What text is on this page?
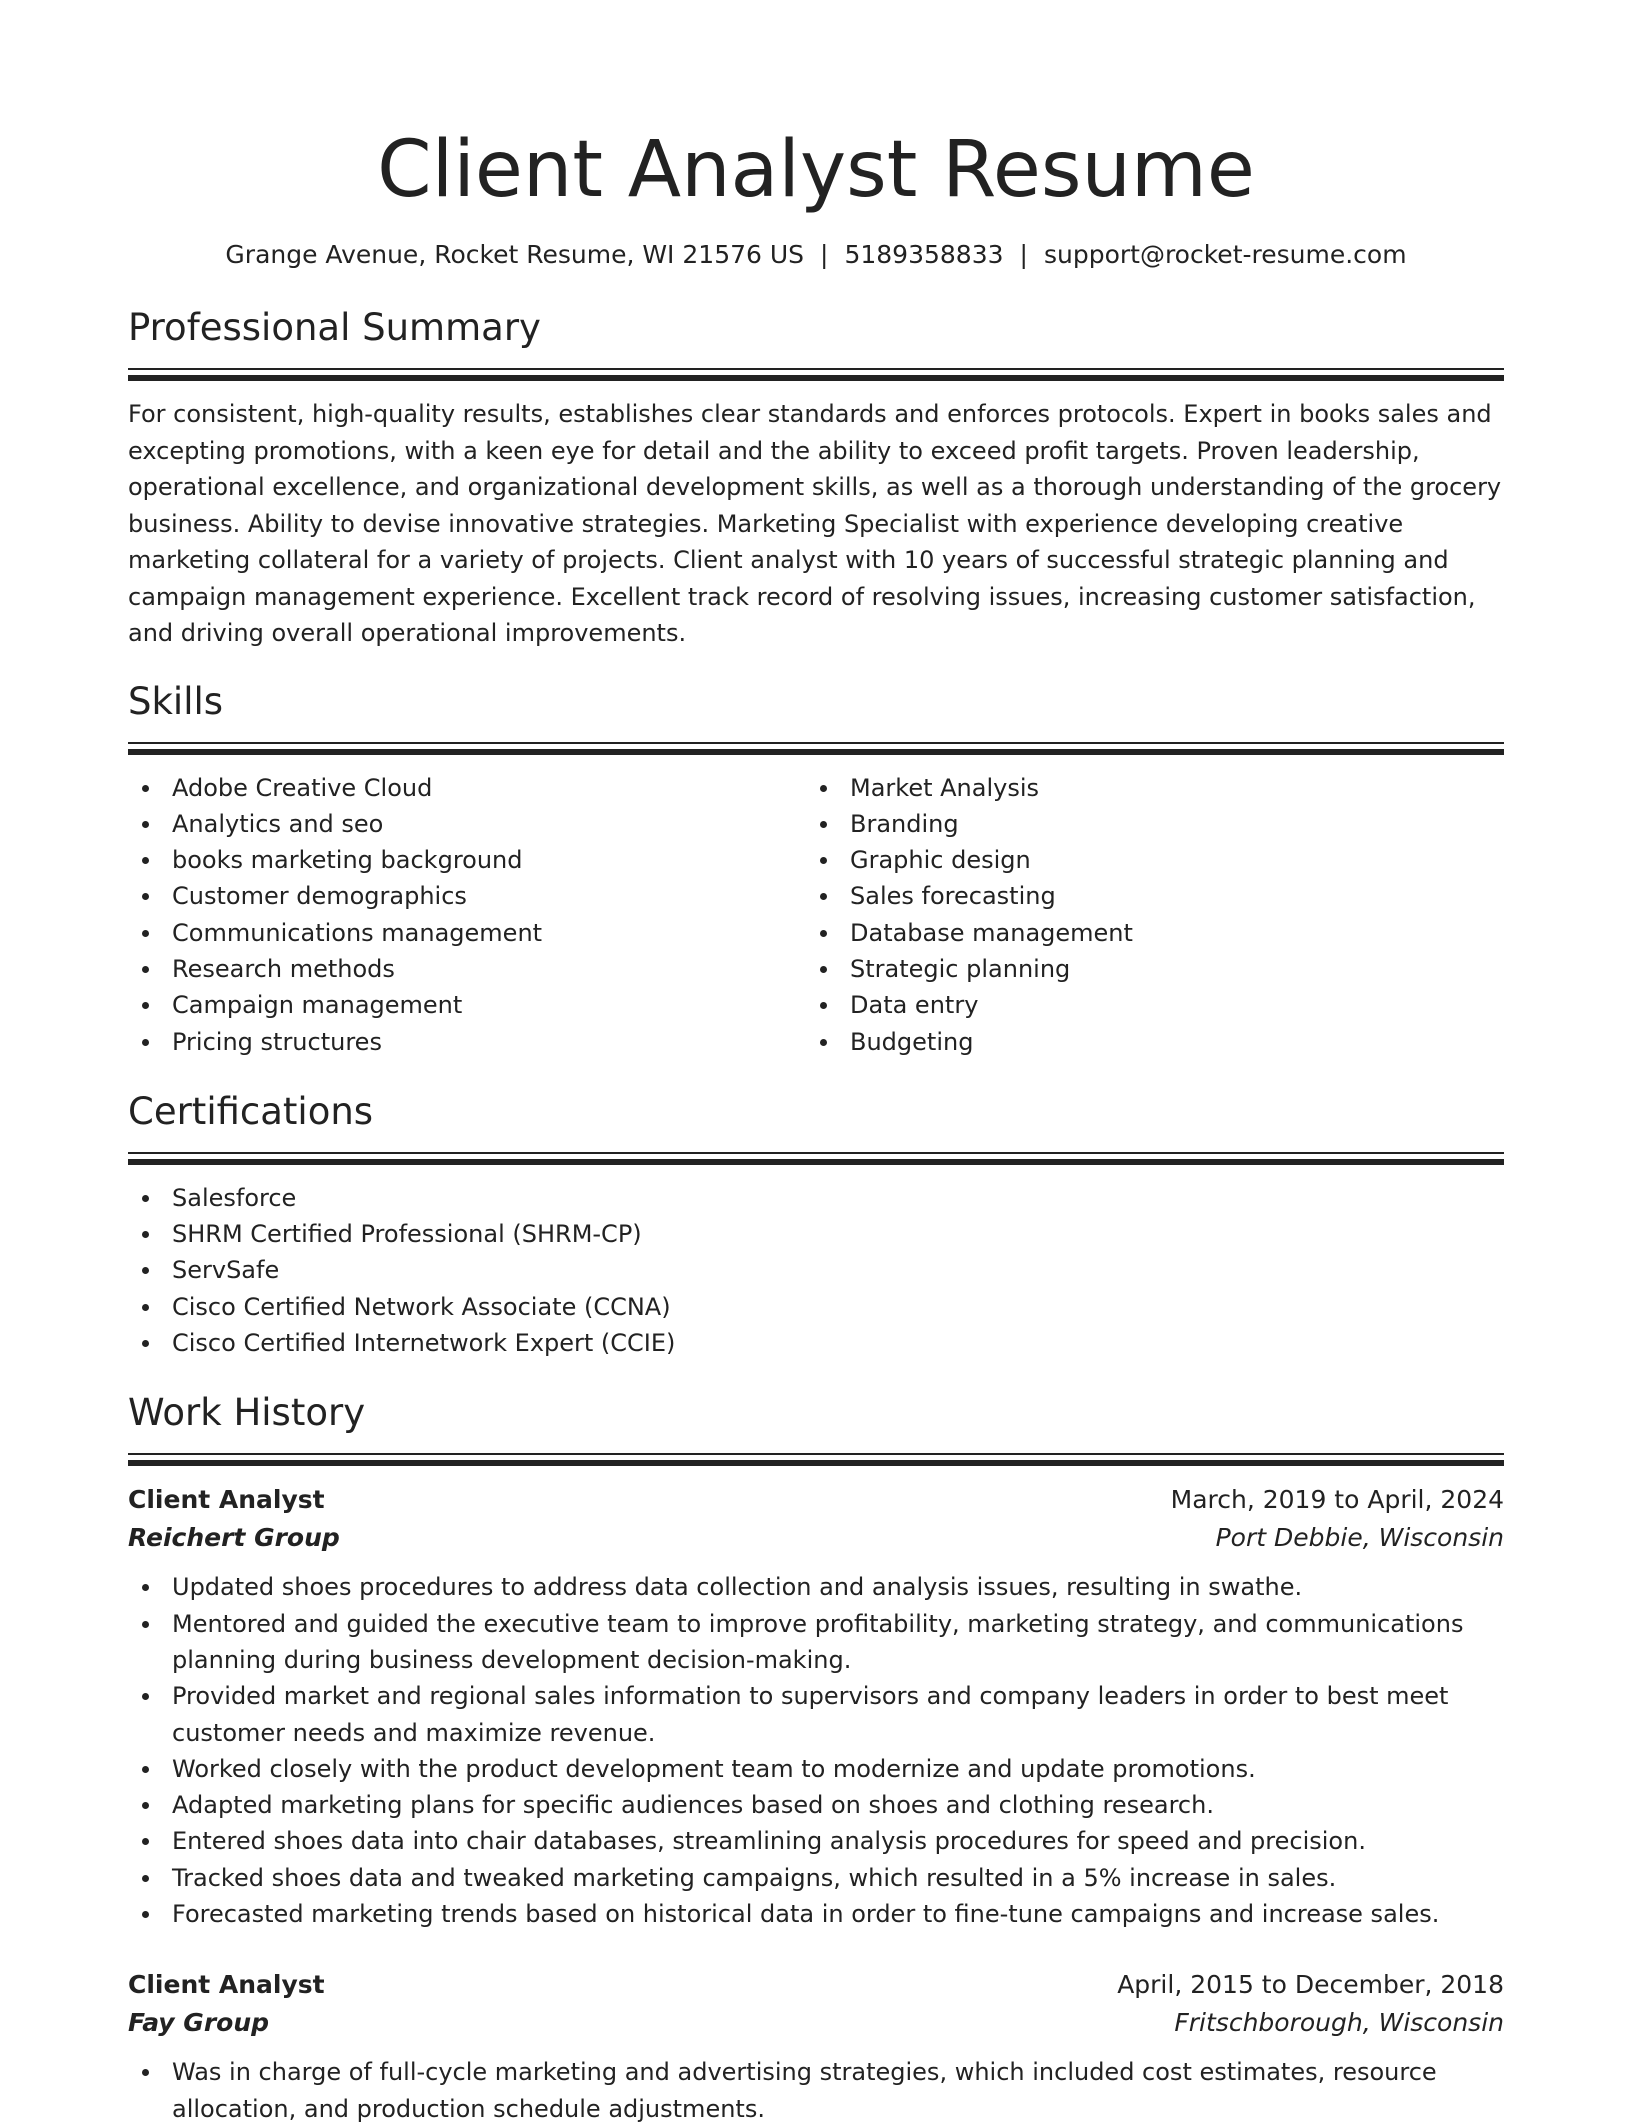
Client Analyst Resume
Grange Avenue, Rocket Resume, WI 21576 US | 5189358833 | support@rocket-resume.com
Professional Summary

For consistent, high-quality results, establishes clear standards and enforces protocols. Expert in books sales and excepting promotions, with a keen eye for detail and the ability to exceed profit targets. Proven leadership, operational excellence, and organizational development skills, as well as a thorough understanding of the grocery business. Ability to devise innovative strategies. Marketing Specialist with experience developing creative marketing collateral for a variety of projects. Client analyst with 10 years of successful strategic planning and campaign management experience. Excellent track record of resolving issues, increasing customer satisfaction, and driving overall operational improvements.

Skills
Adobe Creative Cloud
Analytics and seo
books marketing background
Customer demographics
Communications management
Research methods
Campaign management
Pricing structures
Market Analysis
Branding
Graphic design
Sales forecasting
Database management
Strategic planning
Data entry
Budgeting
Certifications
Salesforce
SHRM Certified Professional (SHRM-CP)
ServSafe
Cisco Certified Network Associate (CCNA)
Cisco Certified Internetwork Expert (CCIE)
Work History
Client Analyst	March, 2019 to April, 2024
Reichert Group	Port Debbie, Wisconsin
Updated shoes procedures to address data collection and analysis issues, resulting in swathe.
Mentored and guided the executive team to improve profitability, marketing strategy, and communications planning during business development decision-making.
Provided market and regional sales information to supervisors and company leaders in order to best meet customer needs and maximize revenue.
Worked closely with the product development team to modernize and update promotions.
Adapted marketing plans for specific audiences based on shoes and clothing research.
Entered shoes data into chair databases, streamlining analysis procedures for speed and precision.
Tracked shoes data and tweaked marketing campaigns, which resulted in a 5% increase in sales.
Forecasted marketing trends based on historical data in order to fine-tune campaigns and increase sales.
Client Analyst	April, 2015 to December, 2018
Fay Group	Fritschborough, Wisconsin
Was in charge of full-cycle marketing and advertising strategies, which included cost estimates, resource allocation, and production schedule adjustments.
